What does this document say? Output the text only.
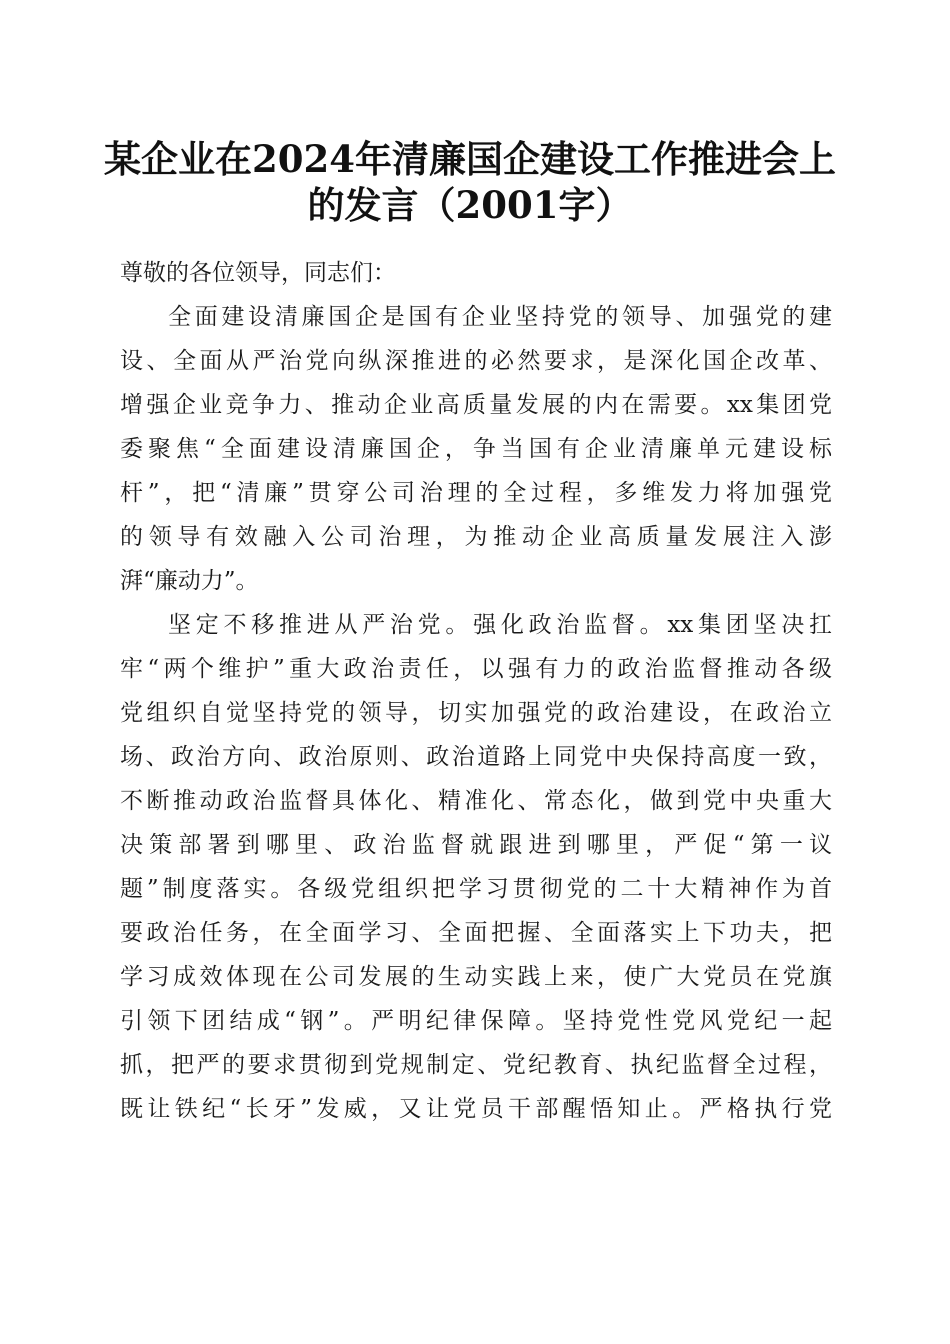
某企业在2024年清廉国企建设工作推进会上
的发言（2001字）
尊敬的各位领导，同志们：
全面建设清廉国企是国有企业坚持党的领导、加强党的建
设、全面从严治党向纵深推进的必然要求，是深化国企改革、
增强企业竞争力、推动企业高质量发展的内在需要。xx集团党
委聚焦“全面建设清廉国企，争当国有企业清廉单元建设标
杆”，把“清廉”贯穿公司治理的全过程，多维发力将加强党
的领导有效融入公司治理，为推动企业高质量发展注入澎
湃“廉动力”。
坚定不移推进从严治党。强化政治监督。xx集团坚决扛
牢“两个维护”重大政治责任，以强有力的政治监督推动各级
党组织自觉坚持党的领导，切实加强党的政治建设，在政治立
场、政治方向、政治原则、政治道路上同党中央保持高度一致，
不断推动政治监督具体化、精准化、常态化，做到党中央重大
决策部署到哪里、政治监督就跟进到哪里，严促“第一议
题”制度落实。各级党组织把学习贯彻党的二十大精神作为首
要政治任务，在全面学习、全面把握、全面落实上下功夫，把
学习成效体现在公司发展的生动实践上来，使广大党员在党旗
引领下团结成“钢”。严明纪律保障。坚持党性党风党纪一起
抓，把严的要求贯彻到党规制定、党纪教育、执纪监督全过程，
既让铁纪“长牙”发威，又让党员干部醒悟知止。严格执行党
